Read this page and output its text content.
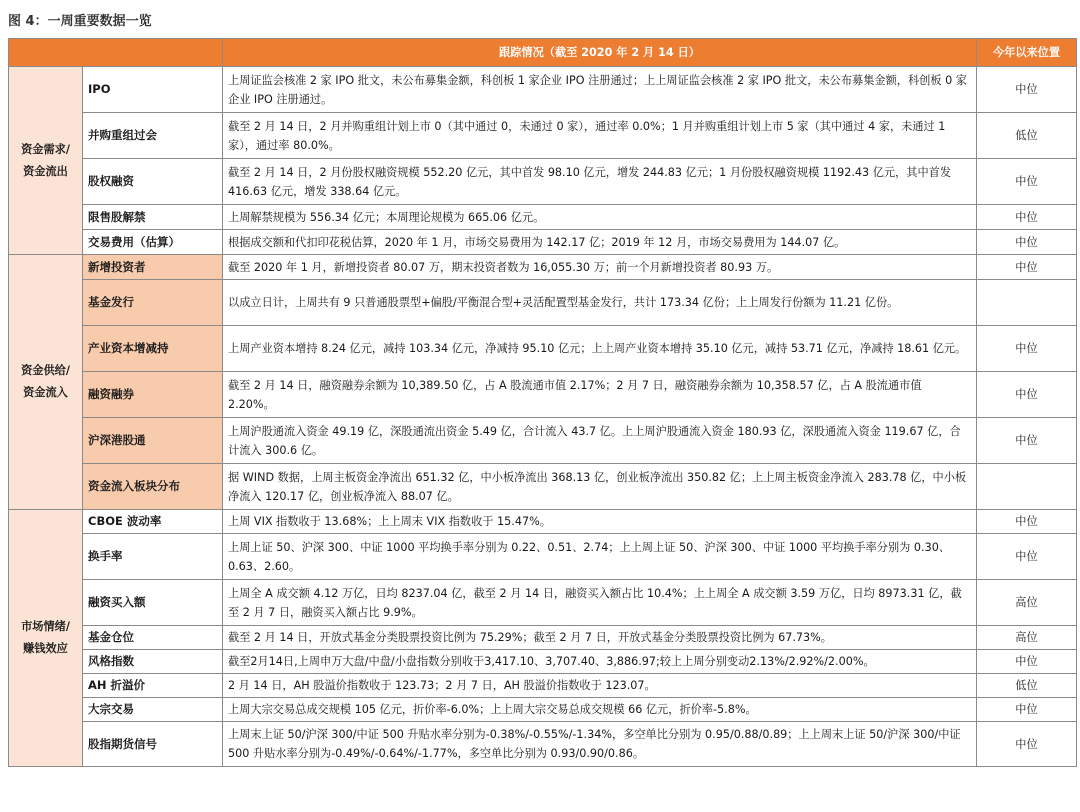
图 4：一周重要数据一览
		跟踪情况（截至 2020 年 2 月 14 日）	今年以来位置

资金需求/
资金流出	IPO	上周证监会核准 2 家 IPO 批文，未公布募集金额，科创板 1 家企业 IPO 注册通过；上上周证监会核准 2 家 IPO 批文，未公布募集金额，科创板 0 家企业 IPO 注册通过。	中位
	并购重组过会	截至 2 月 14 日，2 月并购重组计划上市 0（其中通过 0，未通过 0 家），通过率 0.0%；1 月并购重组计划上市 5 家（其中通过 4 家，未通过 1 家），通过率 80.0%。	低位
	股权融资	截至 2 月 14 日，2 月份股权融资规模 552.20 亿元，其中首发 98.10 亿元，增发 244.83 亿元；1 月份股权融资规模 1192.43 亿元，其中首发 416.63 亿元，增发 338.64 亿元。	中位
	限售股解禁	上周解禁规模为 556.34 亿元；本周理论规模为 665.06 亿元。	中位
	交易费用（估算）	根据成交额和代扣印花税估算，2020 年 1 月，市场交易费用为 142.17 亿；2019 年 12 月，市场交易费用为 144.07 亿。	中位

资金供给/
资金流入	新增投资者	截至 2020 年 1 月，新增投资者 80.07 万，期末投资者数为 16,055.30 万；前一个月新增投资者 80.93 万。	中位
	基金发行	以成立日计，上周共有 9 只普通股票型+偏股/平衡混合型+灵活配置型基金发行，共计 173.34 亿份；上上周发行份额为 11.21 亿份。	
	产业资本增减持	上周产业资本增持 8.24 亿元，减持 103.34 亿元，净减持 95.10 亿元；上上周产业资本增持 35.10 亿元，减持 53.71 亿元，净减持 18.61 亿元。	中位
	融资融券	截至 2 月 14 日，融资融券余额为 10,389.50 亿，占 A 股流通市值 2.17%；2 月 7 日，融资融券余额为 10,358.57 亿，占 A 股流通市值 2.20%。	中位
	沪深港股通	上周沪股通流入资金 49.19 亿，深股通流出资金 5.49 亿，合计流入 43.7 亿。上上周沪股通流入资金 180.93 亿，深股通流入资金 119.67 亿，合计流入 300.6 亿。	中位
	资金流入板块分布	据 WIND 数据，上周主板资金净流出 651.32 亿，中小板净流出 368.13 亿，创业板净流出 350.82 亿；上上周主板资金净流入 283.78 亿，中小板净流入 120.17 亿，创业板净流入 88.07 亿。	

市场情绪/
赚钱效应	CBOE 波动率	上周 VIX 指数收于 13.68%；上上周末 VIX 指数收于 15.47%。	中位
	换手率	上周上证 50、沪深 300、中证 1000 平均换手率分别为 0.22、0.51、2.74；上上周上证 50、沪深 300、中证 1000 平均换手率分别为 0.30、0.63、2.60。	中位
	融资买入额	上周全 A 成交额 4.12 万亿，日均 8237.04 亿，截至 2 月 14 日，融资买入额占比 10.4%；上上周全 A 成交额 3.59 万亿，日均 8973.31 亿，截至 2 月 7 日，融资买入额占比 9.9%。	高位
	基金仓位	截至 2 月 14 日，开放式基金分类股票投资比例为 75.29%；截至 2 月 7 日，开放式基金分类股票投资比例为 67.73%。	高位
	风格指数	截至2月14日,上周申万大盘/中盘/小盘指数分别收于3,417.10、3,707.40、3,886.97;较上上周分别变动2.13%/2.92%/2.00%。	中位
	AH 折溢价	2 月 14 日，AH 股溢价指数收于 123.73；2 月 7 日，AH 股溢价指数收于 123.07。	低位
	大宗交易	上周大宗交易总成交规模 105 亿元，折价率-6.0%；上上周大宗交易总成交规模 66 亿元，折价率-5.8%。	中位
	股指期货信号	上周末上证 50/沪深 300/中证 500 升贴水率分别为-0.38%/-0.55%/-1.34%，多空单比分别为 0.95/0.88/0.89；上上周末上证 50/沪深 300/中证 500 升贴水率分别为-0.49%/-0.64%/-1.77%，多空单比分别为 0.93/0.90/0.86。	中位
